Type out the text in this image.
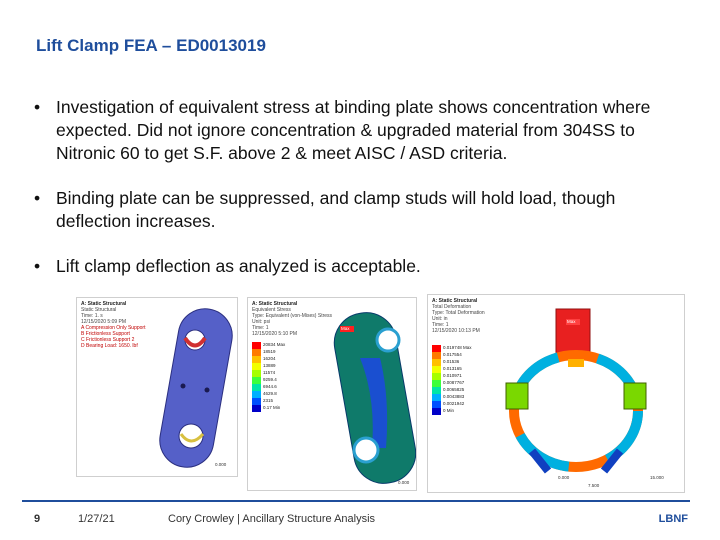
Lift Clamp FEA – ED0013019
• Investigation of equivalent stress at binding plate shows concentration where expected. Did not ignore concentration & upgraded material from 304SS to Nitronic 60 to get S.F. above 2 & meet AISC / ASD criteria.
• Binding plate can be suppressed, and clamp studs will hold load, though deflection increases.
• Lift clamp deflection as analyzed is acceptable.
A: Static Structural
Static Structural
Time: 1. s
12/15/2020 5:09 PM
A Compression Only Support
B Frictionless Support
C Frictionless Support 2
D Bearing Load: 1650. lbf
0.000
A: Static Structural
Equivalent Stress
Type: Equivalent (von-Mises) Stress
Unit: psi
Time: 1
12/15/2020 5:10 PM
20834 Max
18519
16204
13889
11574
9259.4
6944.6
4629.8
2315
0.17 Min
Max
0.000
A: Static Structural
Total Deformation
Type: Total Deformation
Unit: in
Time: 1
12/15/2020 10:13 PM
0.019748 Max
0.017554
0.01536
0.013165
0.010971
0.0087767
0.0065825
0.0043883
0.0021942
0 Min
Max
0.000
7.500
15.000
9	1/27/21	Cory Crowley | Ancillary Structure Analysis	LBNF
